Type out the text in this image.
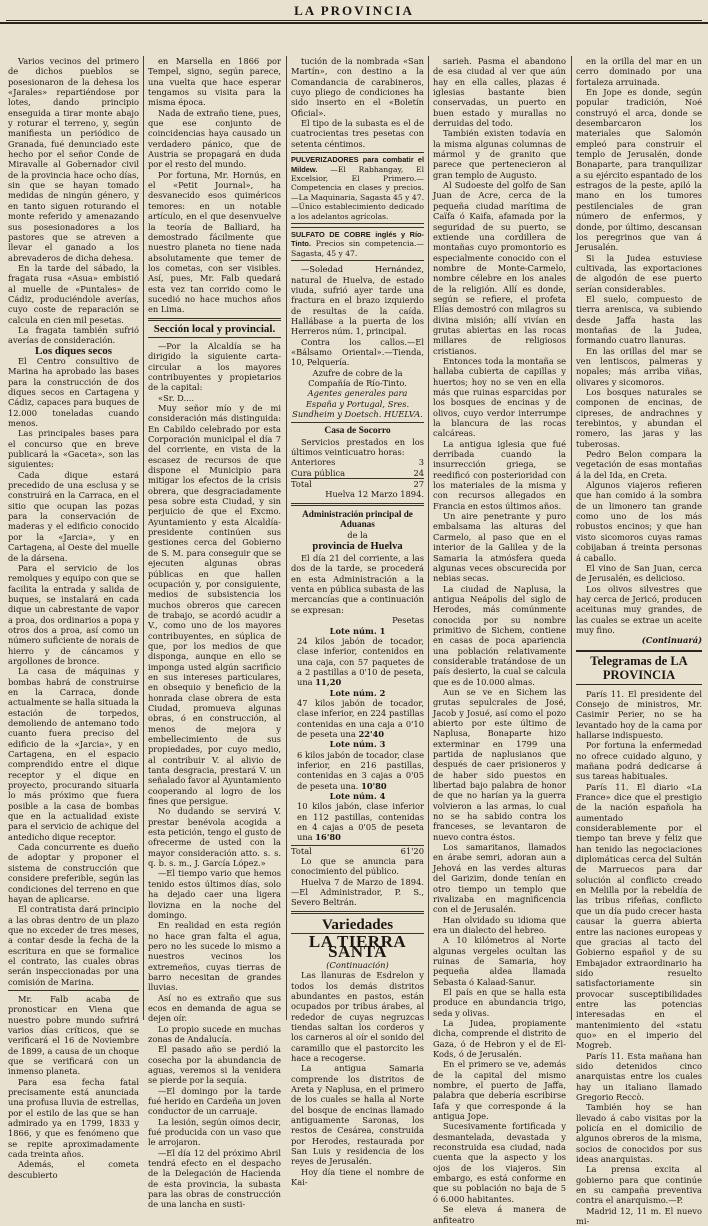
LA PROVINCIA

Varios vecinos del primero de dichos pueblos se posesionaron de la dehesa los «Jarales» repartiéndose por lotes, dando principio enseguida a tirar monte abajo y roturar el terreno, y, según manifiesta un periódico de Granada, fué denunciado este hecho por el señor Conde de Miravalle al Gobernador civil de la provincia hace ocho días, sin que se hayan tomado medidas de ningún género, y en tanto siguen roturando el monte referido y amenazando sus posesionadores a los pastores que se atreven a llevar el ganado a los abrevaderos de dicha dehesa.

En la tarde del sábado, la fragata rusa «Asua» embistió al muelle de «Puntales» de Cádiz, produciéndole averías, cuyo coste de reparación se calcula en cien mil pesetas.

La fragata también sufrió averías de consideración.

Los diques secos

El Centro consultivo de Marina ha aprobado las bases para la construcción de dos diques secos en Cartagena y Cádiz, capaces para buques de 12.000 toneladas cuando menos.

Las principales bases para el concurso que en breve publicará la «Gaceta», son las siguientes:

Cada dique estará precedido de una esclusa y se construirá en la Carraca, en el sitio que ocupan las pozas para la conservación de maderas y el edificio conocido por la «Jarcia», y en Cartagena, al Oeste del muelle de la dársena.

Para el servicio de los remolques y equipo con que se facilita la entrada y salida de buques, se instalará en cada dique un cabrestante de vapor a proa, dos ordinarios a popa y otros dos a proa, así como un número suficiente de norais de hierro y de cáncamos y argollones de bronce.

La casa de máquinas y bombas habrá de construirse en la Carraca, donde actualmente se halla situada la estación de torpedos, demoliendo de antemano todo cuanto fuera preciso del edificio de la «Jarcia», y en Cartagena, en el espacio comprendido entre el dique receptor y el dique en proyecto, procurando situarla lo más próximo que fuera posible a la casa de bombas que en la actualidad existe para el servicio de achique del antedicho dique receptor.

Cada concurrente es dueño de adoptar y proponer el sistema de construcción que considere preferible, según las condiciones del terreno en que hayan de aplicarse.

El contratista dará principio a las obras dentro de un plazo que no exceder de tres meses, a contar desde la fecha de la escritura en que se formalice el contrato, las cuales obras serán inspeccionadas por una comisión de Marina.

Mr. Falb acaba de pronosticar en Viena que nuestro pobre mundo sufrirá varios días críticos, que se verificará el 16 de Noviembre de 1899, a causa de un choque que se verificará con un inmenso planeta.

Para esa fecha fatal precisamente está anunciada una profusa lluvia de estrellas, por el estilo de las que se han admirado ya en 1799, 1833 y 1866, y que es fenómeno que se repite aproximadamente cada treinta años.

Además, el cometa descubierto

en Marsella en 1866 por Tempel, signo, según parece, una vuelta que hace esperar tengamos su visita para la misma época.

Nada de extraño tiene, pues, que ese conjunto de coincidencias haya causado un verdadero pánico, que de Austria se propagará en duda por el resto del mundo.

Por fortuna, Mr. Hornús, en el «Petit Journal», ha desvanecido esos quiméricos temores: en un notable artículo, en el que desenvuelve la teoría de Balliard, ha demostrado fácilmente que nuestro planeta no tiene nada absolutamente que temer de los cometas, con ser visibles. Así, pues, Mr. Falb quedará esta vez tan corrido como le sucedió no hace muchos años en Lima.

Sección local y provincial.

—Por la Alcaldía se ha dirigido la siguiente carta-circular a los mayores contribuyentes y propietarios de la capital:

«Sr. D....

Muy señor mío y de mi consideración más distinguida: En Cabildo celebrado por esta Corporación municipal el día 7 del corriente, en vista de la escasez de recursos de que dispone el Municipio para mitigar los efectos de la crisis obrera, que desgraciadamente pesa sobre esta Ciudad, y sin perjuicio de que el Excmo. Ayuntamiento y esta Alcaldía-presidente continúen sus gestiones cerca del Gobierno de S. M. para conseguir que se ejecuten algunas obras públicas en que hallen ocupación y, por consiguiente, medios de subsistencia los muchos obreros que carecen de trabajo, se acordó acudir a V., como uno de los mayores contribuyentes, en súplica de que, por los medios de que disponga, aunque en ello se imponga usted algún sacrificio en sus intereses particulares, en obsequio y beneficio de la honrada clase obrera de esta Ciudad, promueva algunas obras, ó en construcción, al menos de mejora y embellecimiento de sus propiedades, por cuyo medio, al contribuir V. al alivio de tanta desgracia, prestará V. un señalado favor al Ayuntamiento cooperando al logro de los fines que persigue.

No dudando se servirá V. prestar benévola acogida a esta petición, tengo el gusto de ofrecerme de usted con la mayor consideración atto. s. s. q. b. s. m., J. García López.»

—El tiempo vario que hemos tenido estos últimos días, solo ha dejado caer una ligera llovizna en la noche del domingo.

En realidad en esta región no hace gran falta el agua, pero no les sucede lo mismo a nuestros vecinos los extremeños, cuyas tierras de barro necesitan de grandes lluvias.

Así no es extraño que sus ecos en demanda de agua se dejen oír.

Lo propio sucede en muchas zonas de Andalucía.

El pasado año se perdió la cosecha por la abundancia de aguas, veremos si la venidera se pierde por la sequía.

—El domingo por la tarde fué herido en Cardeña un joven conductor de un carruaje.

La lesión, según oímos decir, fué producida con un vaso que le arrojaron.

—El día 12 del próximo Abril tendrá efecto en el despacho de la Delegación de Hacienda de esta provincia, la subasta para las obras de construcción de una lancha en susti-

tución de la nombrada «San Martín», con destino a la Comandancia de carabineros, cuyo pliego de condiciones ha sido inserto en el «Boletín Oficial».

El tipo de la subasta es el de cuatrocientas tres pesetas con setenta céntimos.

PULVERIZADORES para combatir el Mildew. —El Rabhangay, El Excelsior, El Primero.—Competencia en clases y precios.—La Maquinaria, Sagasta 45 y 47.—Único establecimiento dedicado a los adelantos agrícolas.
SULFATO DE COBRE inglés y Río-Tinto. Precios sin competencia.—Sagasta, 45 y 47.

—Soledad Hernández, natural de Huelva, de estado viuda, sufrió ayer tarde una fractura en el brazo izquierdo de resultas de la caída. Hallábase a la puerta de los Herreros núm. 1, principal.

Contra los callos.—El «Bálsamo Oriental».—Tienda, 10, Pelquería.

Azufre de cobre de la Compañía de Río-Tinto.

Agentes generales para España y Portugal, Sres. Sundheim y Doetsch. HUELVA.

Casa de Socorro

Servicios prestados en los últimos veinticuatro horas:

Anteriores	3
Cura pública	24
Total	27

Huelva 12 Marzo 1894.

Administración principal de Aduanas

de la

provincia de Huelva

El día 21 del corriente, a las dos de la tarde, se procederá en esta Administración a la venta en pública subasta de las mercancías que a continuación se expresan:

Pesetas

Lote núm. 1

24 kilos jabón de tocador, clase inferior, contenidos en una caja, con 57 paquetes de a 2 pastillas a 0'10 de peseta, una 11,20

Lote núm. 2

47 kilos jabón de tocador, clase inferior, en 224 pastillas contenidas en una caja a 0'10 de peseta una 22'40

Lote núm. 3

6 kilos jabón de tocador, clase inferior, en 216 pastillas, contenidas en 3 cajas a 0'05 de peseta una. 10'80

Lote núm. 4

10 kilos jabón, clase inferior en 112 pastillas, contenidas en 4 cajas a 0'05 de peseta una 16'80

Total	61'20

Lo que se anuncia para conocimiento del público.

Huelva 7 de Marzo de 1894.—El Administrador, P. S., Severo Beltrán.

Variedades

LA TIERRA SANTA

(Continuación)

Las llanuras de Esdrelon y todos los demás distritos abundantes en pastos, están ocupados por tribus árabes, al rededor de cuyas negruzcas tiendas saltan los corderos y los carneros al oír el sonido del caramillo que el pastorcito les hace a recogerse.

La antigua Samaria comprende los distritos de Areta y Naplusa, en el primero de los cuales se halla al Norte del bosque de encinas llamado antiguamente Saronas, los restos de Cesárea, construida por Herodes, restaurada por San Luis y residencia de los reyes de Jerusalén.

Hoy día tiene el nombre de Kai-

sarieh. Pasma el abandono de esa ciudad al ver que aún hay en ella calles, plazas é iglesias bastante bien conservadas, un puerto en buen estado y murallas no derruidas del todo.

También existen todavía en la misma algunas columnas de mármol y de granito que parece que pertenecieron al gran templo de Augusto.

Al Sudoeste del golfo de San Juan de Acre, cerca de la pequeña ciudad marítima de Caïfa ó Kaifa, afamada por la seguridad de su puerto, se extiende una cordillera de montañas cuyo promontorio es especialmente conocido con el nombre de Monte-Carmelo, nombre célebre en los anales de la religión. Allí es donde, según se refiere, el profeta Elías demostró con milagros su divina misión; allí vivían en grutas abiertas en las rocas millares de religiosos cristianos.

Entonces toda la montaña se hallaba cubierta de capillas y huertos; hoy no se ven en ella más que ruinas esparcidas por los bosques de encinas y de olivos, cuyo verdor interrumpe la blancura de las rocas calcáreas.

La antigua iglesia que fué derribada cuando la insurrección griega, se reedificó con posterioridad con los materiales de la misma y con recursos allegados en Francia en estos últimos años.

Un aire penetrante y puro embalsama las alturas del Carmelo, al paso que en el interior de la Galilea y de la Samaria la atmósfera queda algunas veces obscurecida por nebias secas.

La ciudad de Naplusa, la antigua Neápolis del siglo de Herodes, más comúnmente conocida por su nombre primitivo de Sichem, contiene en casas de poca apariencia una población relativamente considerable tratándose de un país desierto, la cual se calcula que es de 10.000 almas.

Aun se ve en Sichem las grutas sepulcrales de José, Jacob y Josué, así como el pozo abierto por este último de Naplusa, Bonaparte hizo exterminar en 1799 una partida de naplusianos que después de caer prisioneros y de haber sido puestos en libertad bajo palabra de honor de que no harían ya la guerra volvieron a las armas, lo cual no se ha sabido contra los franceses, se levantaron de nuevo contra éstos.

Los samaritanos, llamados en árabe semri, adoran aun a Jehová en las verdes alturas del Garizim, donde tenían en otro tiempo un templo que rivalizaba en magnificencia con el de Jerusalén.

Han olvidado su idioma que era un dialecto del hebreo.

A 10 kilómetros al Norte algunas vergeles ocultan las ruinas de Samaria, hoy pequeña aldea llamada Sebasta ó Kalaad-Sanur.

El país en que se halla esta produce en abundancia trigo, seda y olivas.

La Judea, propiamente dicha, comprende el distrito de Gaza, ó de Hebron y el de El-Kods, ó de Jerusalén.

En el primero se ve, además de la capital del mismo nombre, el puerto de Jaffa, palabra que debería escribirse Iafa y que corresponde á la antigua Jope.

Sucesivamente fortificada y desmantelada, devastada y reconstruida esa ciudad, nada cuenta que la aspecto y los ojos de los viajeros. Sin embargo, es está conforme en que su población no baja de 5 ó 6.000 habitantes.

Se eleva á manera de anfiteatro

en la orilla del mar en un cerro dominado por una fortaleza arruinada.

En Jope es donde, según popular tradición, Noé construyó el arca, donde se desembarcaron los materiales que Salomón empleó para construir el templo de Jerusalén, donde Bonaparte, para tranquilizar a su ejército espantado de los estragos de la peste, apiló la mano en los tumores pestilenciales de gran número de enfermos, y donde, por último, descansan los peregrinos que van á Jerusalén.

Si la Judea estuviese cultivada, las exportaciones de algodón de ese puerto serían considerables.

El suelo, compuesto de tierra arenisca, va subiendo desde Jaffa hasta las montañas de la Judea, formando cuatro llanuras.

En las orillas del mar se ven lentiscos, palmeras y nopales; más arriba viñas, olivares y sicomoros.

Los bosques naturales se componen de encinas, de cipreses, de andrachnes y terebintos, y abundan el romero, las jaras y las tuberosas.

Pedro Belon compara la vegetación de esas montañas á la del Ida, en Creta.

Algunos viajeros refieren que han comido á la sombra de un limonero tan grande como uno de los más robustos encinos; y que han visto sicomoros cuyas ramas cobijaban á treinta personas á caballo.

El vino de San Juan, cerca de Jerusalén, es delicioso.

Los olivos silvestres que hay cerca de Jericó, producen aceitunas muy grandes, de las cuales se extrae un aceite muy fino.

(Continuará)

Telegramas de LA PROVINCIA

París 11. El presidente del Consejo de ministros, Mr. Casimir Perier, no se ha levantado hoy de la cama por hallarse indispuesto.

Por fortuna la enfermedad no ofrece cuidado alguno, y mañana podrá dedicarse á sus tareas habituales.

París 11. El diario «La France» dice que el prestigio de la nación española ha aumentado considerablemente por el tiempo tan breve y feliz que han tenido las negociaciones diplomáticas cerca del Sultán de Marruecos para dar solución al conflicto creado en Melilla por la rebeldía de las tribus rifeñas, conflicto que un día pudo crecer hasta causar la guerra abierta entre las naciones europeas y que gracias al tacto del Gobierno español y de su Embajador extraordinario ha sido resuelto satisfactoriamente sin provocar susceptibilidades entre las potencias interesadas en el mantenimiento del «statu quo» en el imperio del Mogreb.

París 11. Esta mañana han sido detenidos cinco anarquistas entre los cuales hay un italiano llamado Gregorio Reccò.

También hoy se han llevado á cabo visitas por la policía en el domicilio de algunos obreros de la misma, socios de conocidos por sus ideas anarquistas.

La prensa excita al gobierno para que continúe en su campaña preventiva contra el anarquismo.—P.

Madrid 12, 11 m. El nuevo mi-
